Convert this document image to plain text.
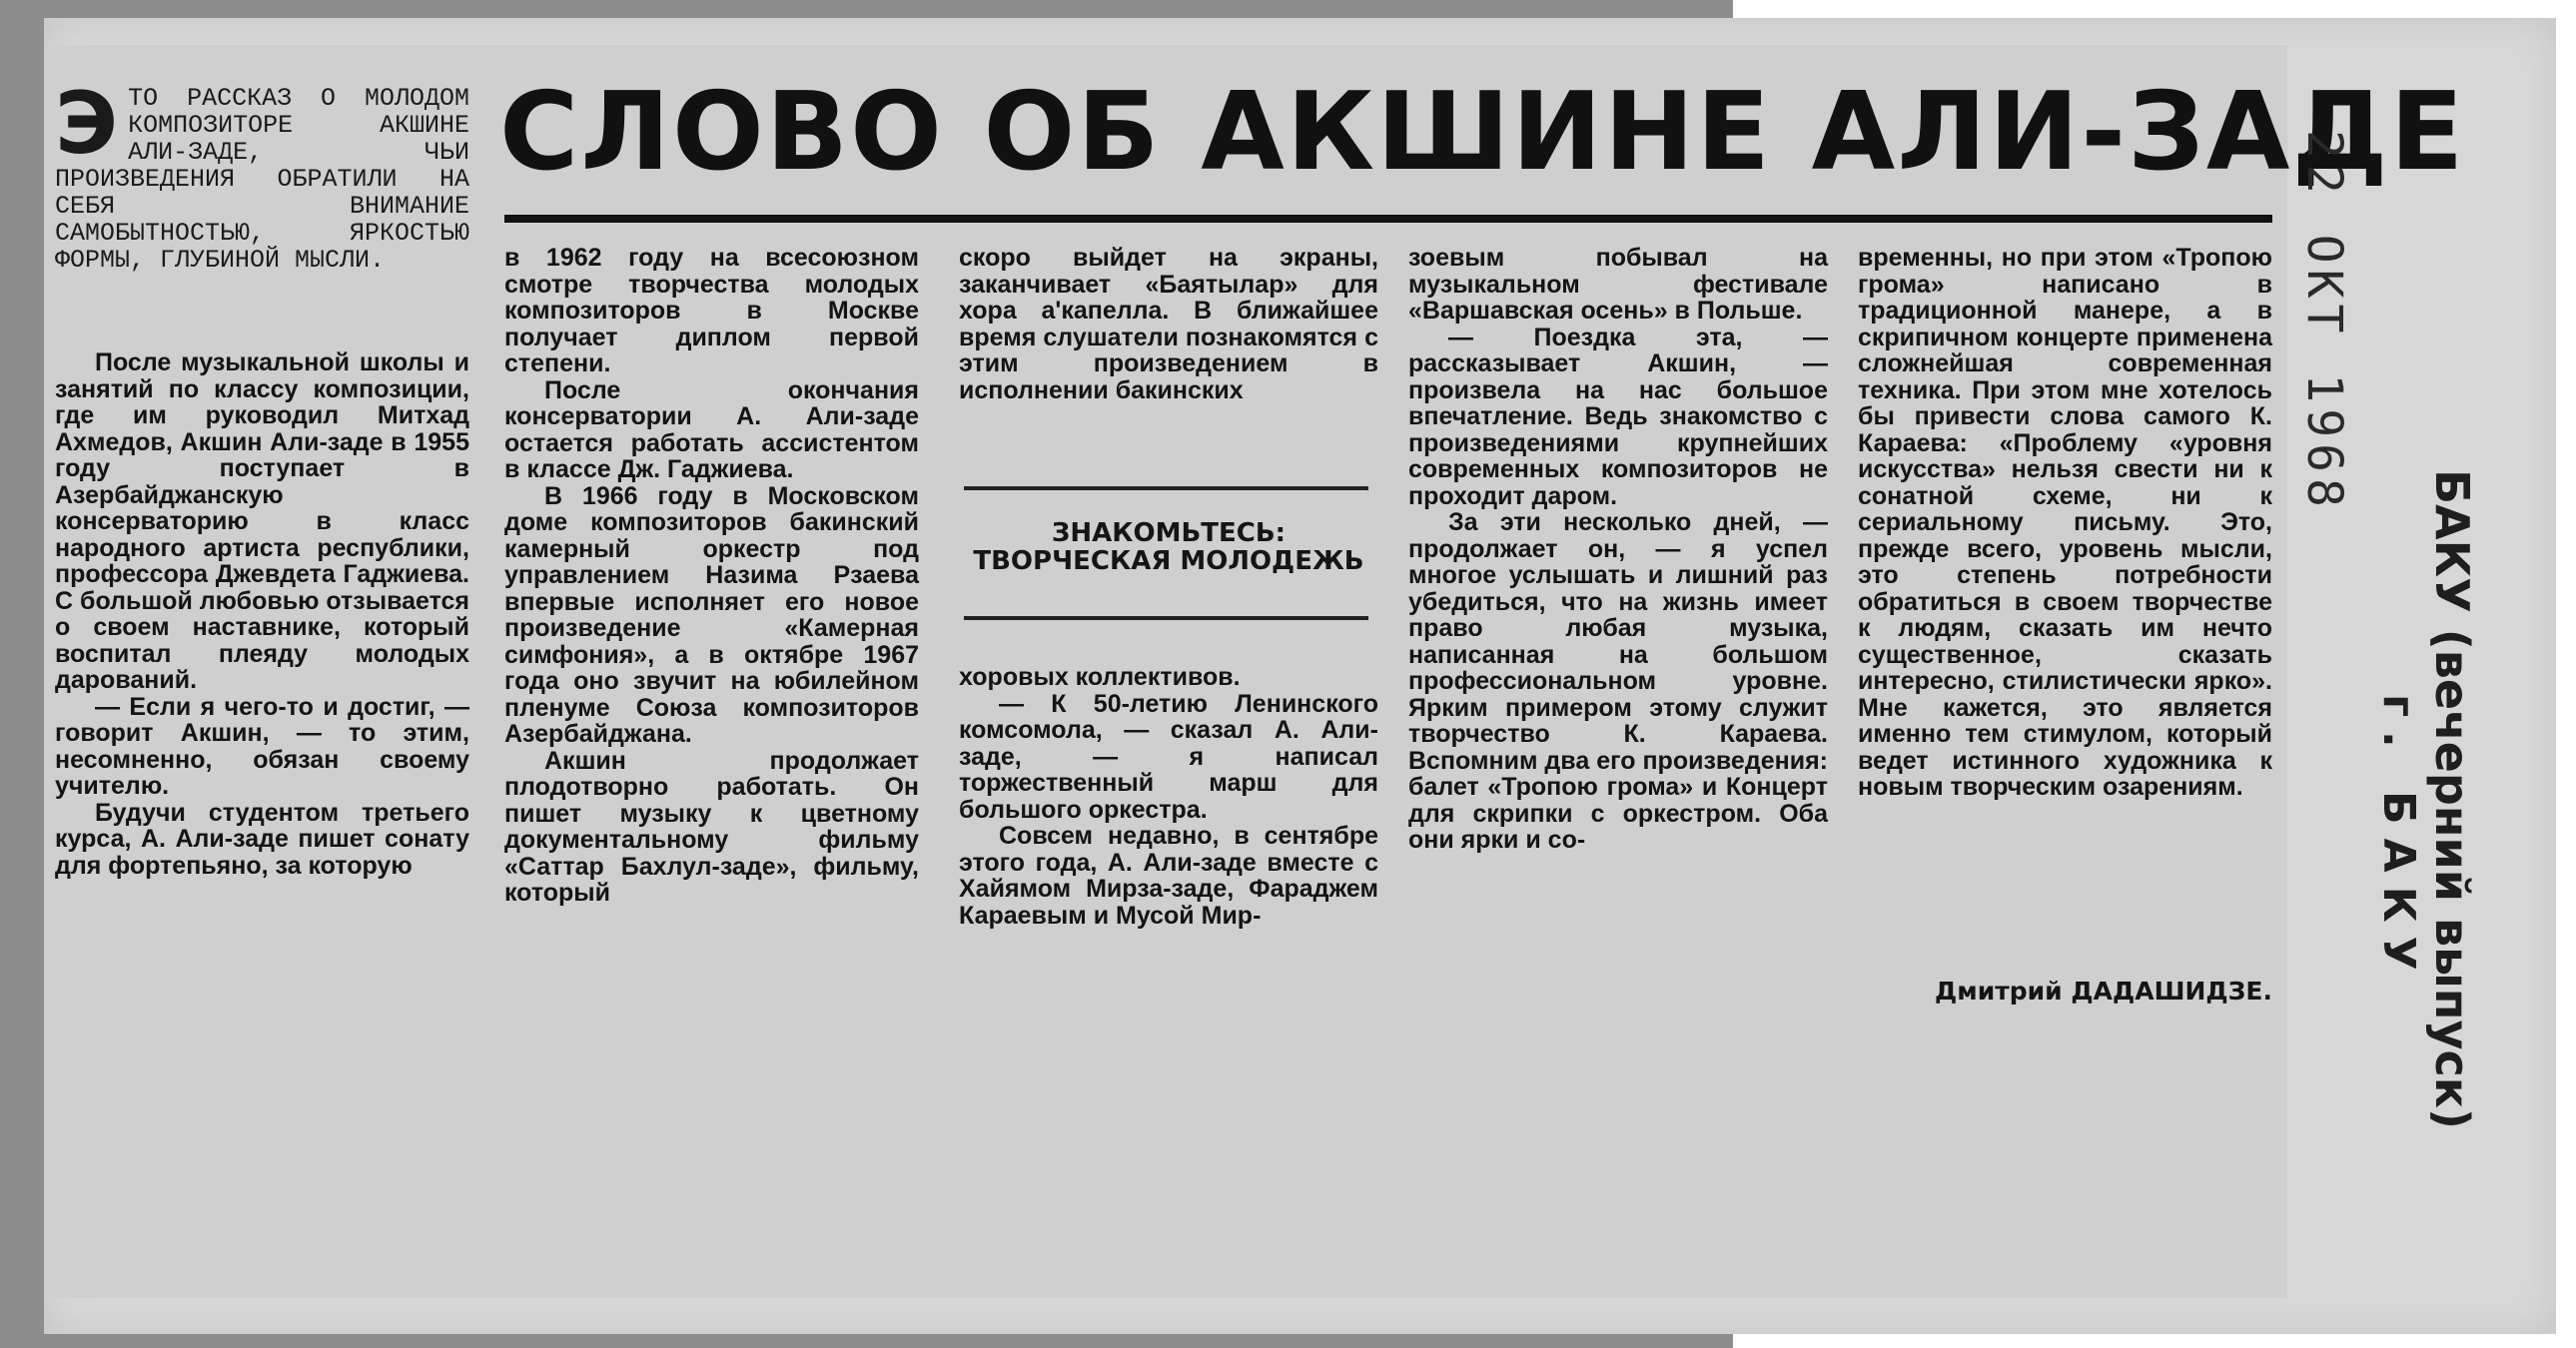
СЛОВО ОБ АКШИНЕ АЛИ-ЗАДЕ
Э ТО РАССКАЗ О МОЛОДОМ КОМПОЗИТОРЕ АКШИНЕ АЛИ-ЗАДЕ, ЧЬИ ПРОИЗВЕДЕНИЯ ОБРАТИЛИ НА СЕБЯ ВНИМАНИЕ САМОБЫТНОСТЬЮ, ЯРКОСТЬЮ ФОРМЫ, ГЛУБИНОЙ МЫСЛИ.

После музыкальной школы и занятий по классу композиции, где им руководил Митхад Ахмедов, Акшин Али-заде в 1955 году поступает в Азербайджанскую консерваторию в класс народного артиста республики, профессора Джевдета Гаджиева. С большой любовью отзывается о своем наставнике, который воспитал плеяду молодых дарований.

— Если я чего-то и достиг, — говорит Акшин, — то этим, несомненно, обязан своему учителю.

Будучи студентом третьего курса, А. Али-заде пишет сонату для фортепьяно, за которую

в 1962 году на всесоюзном смотре творчества молодых композиторов в Москве получает диплом первой степени.

После окончания консерватории А. Али-заде остается работать ассистентом в классе Дж. Гаджиева.

В 1966 году в Московском доме композиторов бакинский камерный оркестр под управлением Назима Рзаева впервые исполняет его новое произведение «Камерная симфония», а в октябре 1967 года оно звучит на юбилейном пленуме Союза композиторов Азербайджана.

Акшин продолжает плодотворно работать. Он пишет музыку к цветному документальному фильму «Саттар Бахлул-заде», фильму, который

скоро выйдет на экраны, заканчивает «Баятылар» для хора а'капелла. В ближайшее время слушатели познакомятся с этим произведением в исполнении бакинских

ЗНАКОМЬТЕСЬ:
ТВОРЧЕСКАЯ МОЛОДЕЖЬ

хоровых коллективов.

— К 50-летию Ленинского комсомола, — сказал А. Али-заде, — я написал торжественный марш для большого оркестра.

Совсем недавно, в сентябре этого года, А. Али-заде вместе с Хайямом Мирза-заде, Фараджем Караевым и Мусой Мир-

зоевым побывал на музыкальном фестивале «Варшавская осень» в Польше.

— Поездка эта, — рассказывает Акшин, — произвела на нас большое впечатление. Ведь знакомство с произведениями крупнейших современных композиторов не проходит даром.

За эти несколько дней, — продолжает он, — я успел многое услышать и лишний раз убедиться, что на жизнь имеет право любая музыка, написанная на большом профессиональном уровне. Ярким примером этому служит творчество К. Караева. Вспомним два его произведения: балет «Тропою грома» и Концерт для скрипки с оркестром. Оба они ярки и со-

временны, но при этом «Тропою грома» написано в традиционной манере, а в скрипичном концерте применена сложнейшая современная техника. При этом мне хотелось бы привести слова самого К. Караева: «Проблему «уровня искусства» нельзя свести ни к сонатной схеме, ни к сериальному письму. Это, прежде всего, уровень мысли, это степень потребности обратиться в своем творчестве к людям, сказать им нечто существенное, сказать интересно, стилистически ярко». Мне кажется, это является именно тем стимулом, который ведет истинного художника к новым творческим озарениям.

Дмитрий ДАДАШИДЗЕ.
22 ОКТ 1968
БАКУ (вечерний выпуск)
г. БАКУ
